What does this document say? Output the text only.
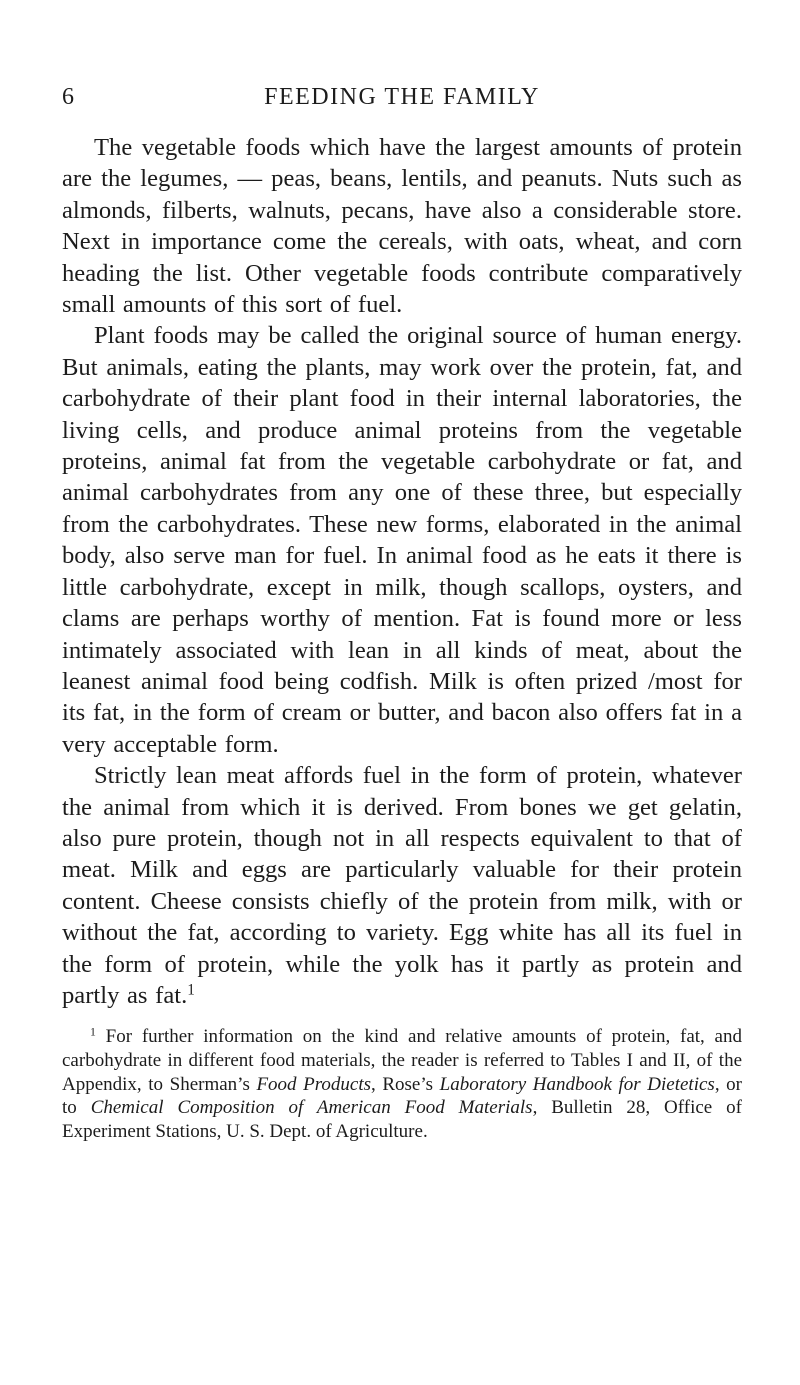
6	FEEDING THE FAMILY

The vegetable foods which have the largest amounts of protein are the legumes, — peas, beans, lentils, and peanuts. Nuts such as almonds, filberts, walnuts, pecans, have also a considerable store. Next in importance come the cereals, with oats, wheat, and corn heading the list. Other vegetable foods contribute comparatively small amounts of this sort of fuel.

Plant foods may be called the original source of human energy. But animals, eating the plants, may work over the protein, fat, and carbohydrate of their plant food in their internal laboratories, the living cells, and produce animal proteins from the vegetable proteins, animal fat from the vegetable carbohydrate or fat, and animal carbohydrates from any one of these three, but especially from the carbohydrates. These new forms, elaborated in the animal body, also serve man for fuel. In animal food as he eats it there is little carbohydrate, except in milk, though scallops, oysters, and clams are perhaps worthy of mention. Fat is found more or less intimately associated with lean in all kinds of meat, about the leanest animal food being codfish. Milk is often prized /most for its fat, in the form of cream or butter, and bacon also offers fat in a very acceptable form.

Strictly lean meat affords fuel in the form of protein, whatever the animal from which it is derived. From bones we get gelatin, also pure protein, though not in all respects equivalent to that of meat. Milk and eggs are particularly valuable for their protein content. Cheese consists chiefly of the protein from milk, with or without the fat, according to variety. Egg white has all its fuel in the form of protein, while the yolk has it partly as protein and partly as fat.$^1$

$^1$ For further information on the kind and relative amounts of protein, fat, and carbohydrate in different food materials, the reader is referred to Tables I and II, of the Appendix, to Sherman’s Food Products, Rose’s Laboratory Handbook for Dietetics, or to Chemical Composition of American Food Materials, Bulletin 28, Office of Experiment Stations, U. S. Dept. of Agriculture.
